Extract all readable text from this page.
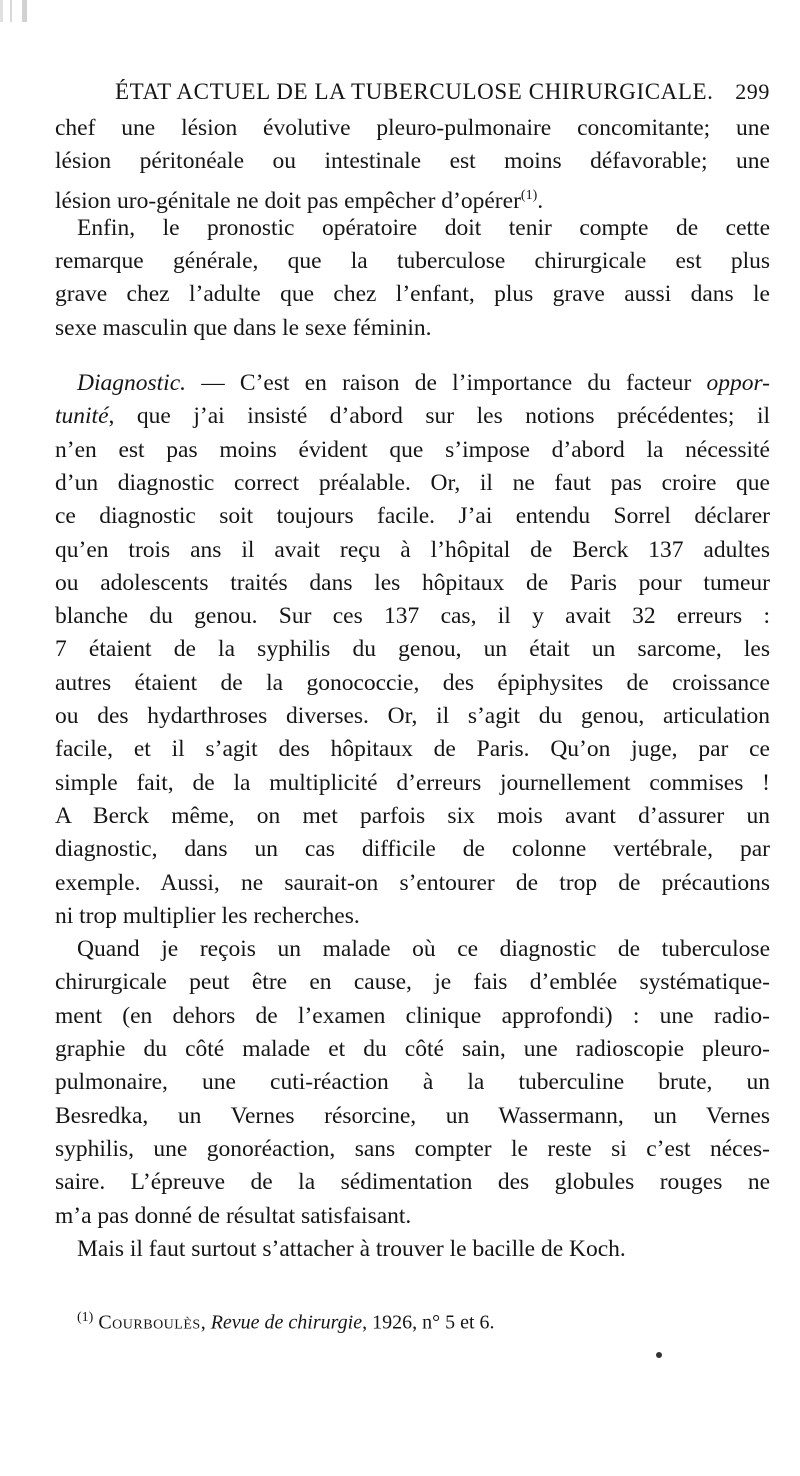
ÉTAT ACTUEL DE LA TUBERCULOSE CHIRURGICALE. 299
chef une lésion évolutive pleuro-pulmonaire concomitante; une
lésion péritonéale ou intestinale est moins défavorable; une
lésion uro-génitale ne doit pas empêcher d’opérer$^{(1)}$.
Enfin, le pronostic opératoire doit tenir compte de cette
remarque générale, que la tuberculose chirurgicale est plus
grave chez l’adulte que chez l’enfant, plus grave aussi dans le
sexe masculin que dans le sexe féminin.
Diagnostic. — C’est en raison de l’importance du facteur oppor-
tunité, que j’ai insisté d’abord sur les notions précédentes; il
n’en est pas moins évident que s’impose d’abord la nécessité
d’un diagnostic correct préalable. Or, il ne faut pas croire que
ce diagnostic soit toujours facile. J’ai entendu Sorrel déclarer
qu’en trois ans il avait reçu à l’hôpital de Berck 137 adultes
ou adolescents traités dans les hôpitaux de Paris pour tumeur
blanche du genou. Sur ces 137 cas, il y avait 32 erreurs :
7 étaient de la syphilis du genou, un était un sarcome, les
autres étaient de la gonococcie, des épiphysites de croissance
ou des hydarthroses diverses. Or, il s’agit du genou, articulation
facile, et il s’agit des hôpitaux de Paris. Qu’on juge, par ce
simple fait, de la multiplicité d’erreurs journellement commises !
A Berck même, on met parfois six mois avant d’assurer un
diagnostic, dans un cas difficile de colonne vertébrale, par
exemple. Aussi, ne saurait-on s’entourer de trop de précautions
ni trop multiplier les recherches.
Quand je reçois un malade où ce diagnostic de tuberculose
chirurgicale peut être en cause, je fais d’emblée systématique-
ment (en dehors de l’examen clinique approfondi) : une radio-
graphie du côté malade et du côté sain, une radioscopie pleuro-
pulmonaire, une cuti-réaction à la tuberculine brute, un
Besredka, un Vernes résorcine, un Wassermann, un Vernes
syphilis, une gonoréaction, sans compter le reste si c’est néces-
saire. L’épreuve de la sédimentation des globules rouges ne
m’a pas donné de résultat satisfaisant.
Mais il faut surtout s’attacher à trouver le bacille de Koch.
$^{(1)}$ Courboulès, Revue de chirurgie, 1926, n° 5 et 6.
